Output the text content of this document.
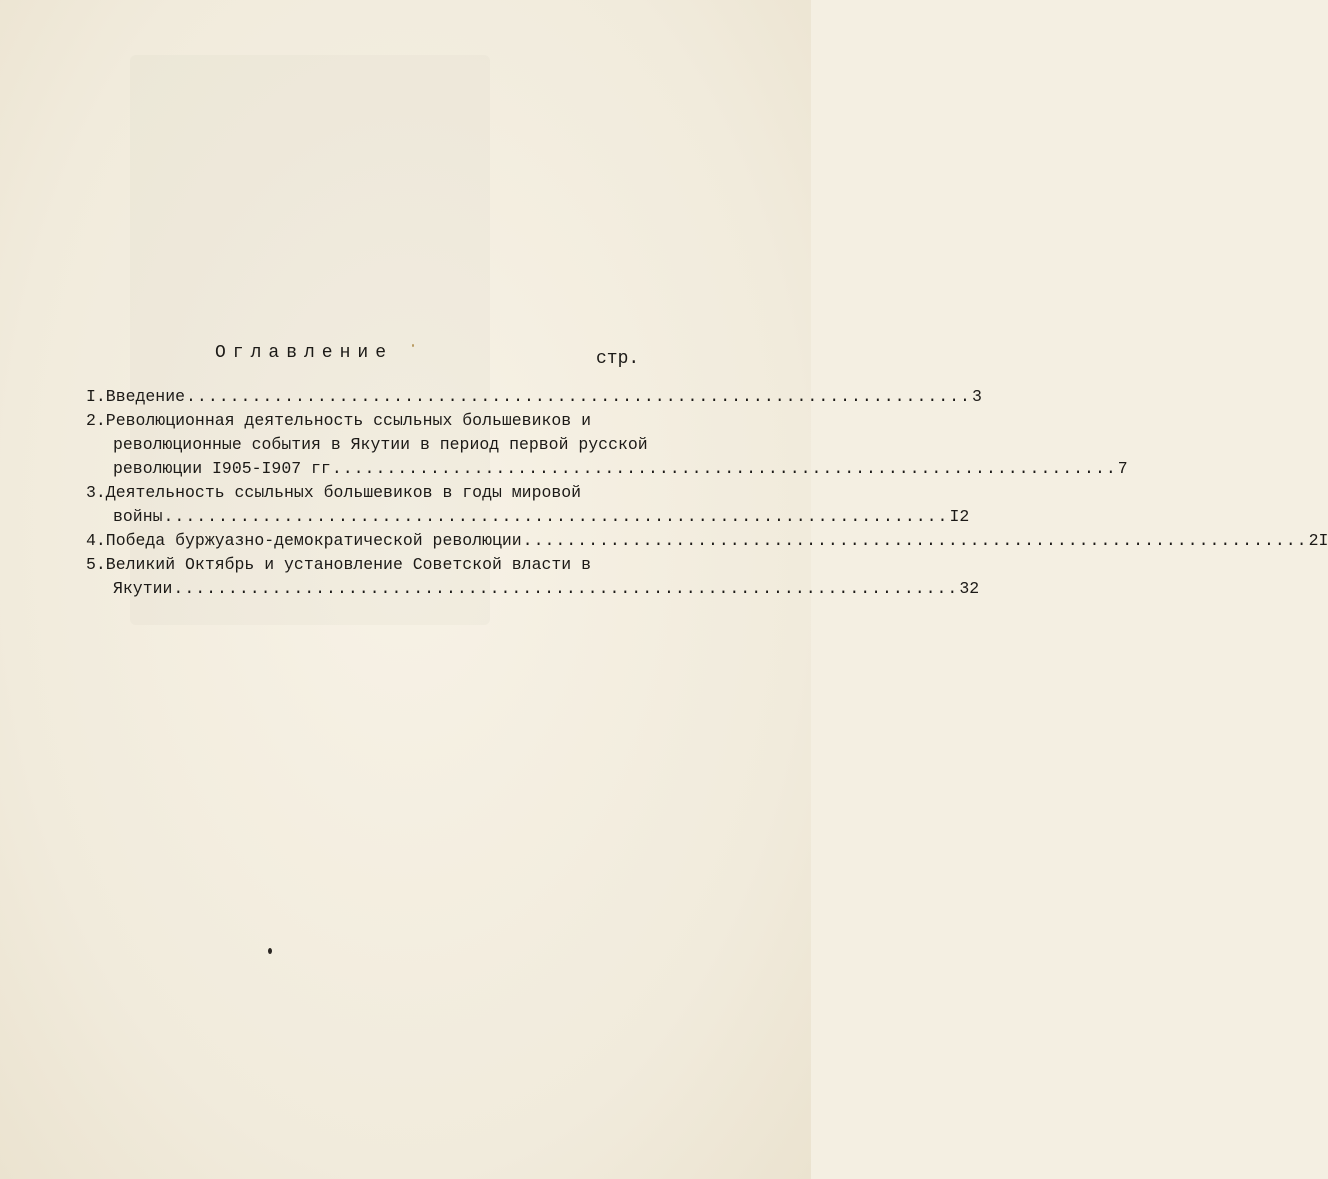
Оглавление	стр.
I.Введение ........................................................................ 3
2.Революционная деятельность ссыльных большевиков и
революционные события в Якутии в период первой русской
революции I905-I907 гг ........................................................................ 7
3.Деятельность ссыльных большевиков в годы мировой
войны ........................................................................ I2
4.Победа буржуазно-демократической революции ........................................................................ 2I
5.Великий Октябрь и установление Советской власти в
Якутии ........................................................................ 32
